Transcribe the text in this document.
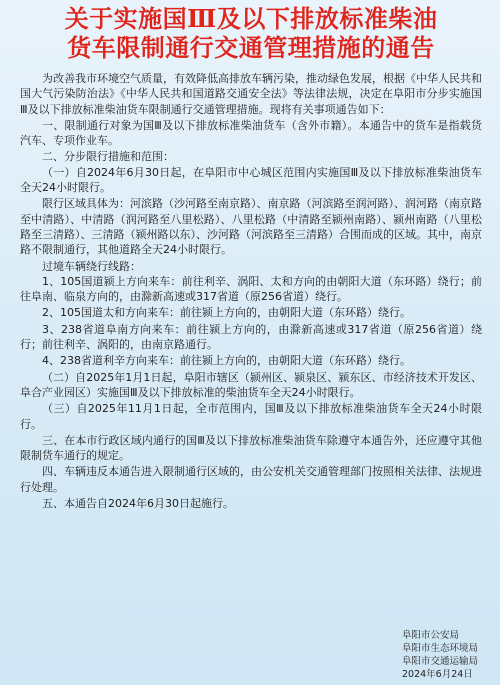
关于实施国Ⅲ及以下排放标准柴油
货车限制通行交通管理措施的通告

为改善我市环境空气质量，有效降低高排放车辆污染，推动绿色发展，根据《中华人民共和国大气污染防治法》《中华人民共和国道路交通安全法》等法律法规，决定在阜阳市分步实施国Ⅲ及以下排放标准柴油货车限制通行交通管理措施。现将有关事项通告如下：

一、限制通行对象为国Ⅲ及以下排放标准柴油货车（含外市籍）。本通告中的货车是指载货汽车、专项作业车。

二、分步限行措施和范围：

（一）自2024年6月30日起，在阜阳市中心城区范围内实施国Ⅲ及以下排放标准柴油货车全天24小时限行。

限行区域具体为：河滨路（沙河路至南京路）、南京路（河滨路至润河路）、润河路（南京路至中清路）、中清路（润河路至八里松路）、八里松路（中清路至颍州南路）、颍州南路（八里松路至三清路）、三清路（颍州路以东）、沙河路（河滨路至三清路）合围而成的区域。其中，南京路不限制通行，其他道路全天24小时限行。

过境车辆绕行线路：

1、105国道颍上方向来车：前往利辛、涡阳、太和方向的由朝阳大道（东环路）绕行；前往阜南、临泉方向的，由滁新高速或317省道（原256省道）绕行。

2、105国道太和方向来车：前往颍上方向的，由朝阳大道（东环路）绕行。

3、238省道阜南方向来车：前往颍上方向的，由滁新高速或317省道（原256省道）绕行；前往利辛、涡阳的，由南京路通行。

4、238省道利辛方向来车：前往颍上方向的，由朝阳大道（东环路）绕行。

（二）自2025年1月1日起，阜阳市辖区（颍州区、颍泉区、颍东区、市经济技术开发区、阜合产业园区）实施国Ⅲ及以下排放标准的柴油货车全天24小时限行。

（三）自2025年11月1日起，全市范围内，国Ⅲ及以下排放标准柴油货车全天24小时限行。

三、在本市行政区域内通行的国Ⅲ及以下排放标准柴油货车除遵守本通告外，还应遵守其他限制货车通行的规定。

四、车辆违反本通告进入限制通行区域的，由公安机关交通管理部门按照相关法律、法规进行处理。

五、本通告自2024年6月30日起施行。

阜阳市公安局
阜阳市生态环境局
阜阳市交通运输局
2024年6月24日
